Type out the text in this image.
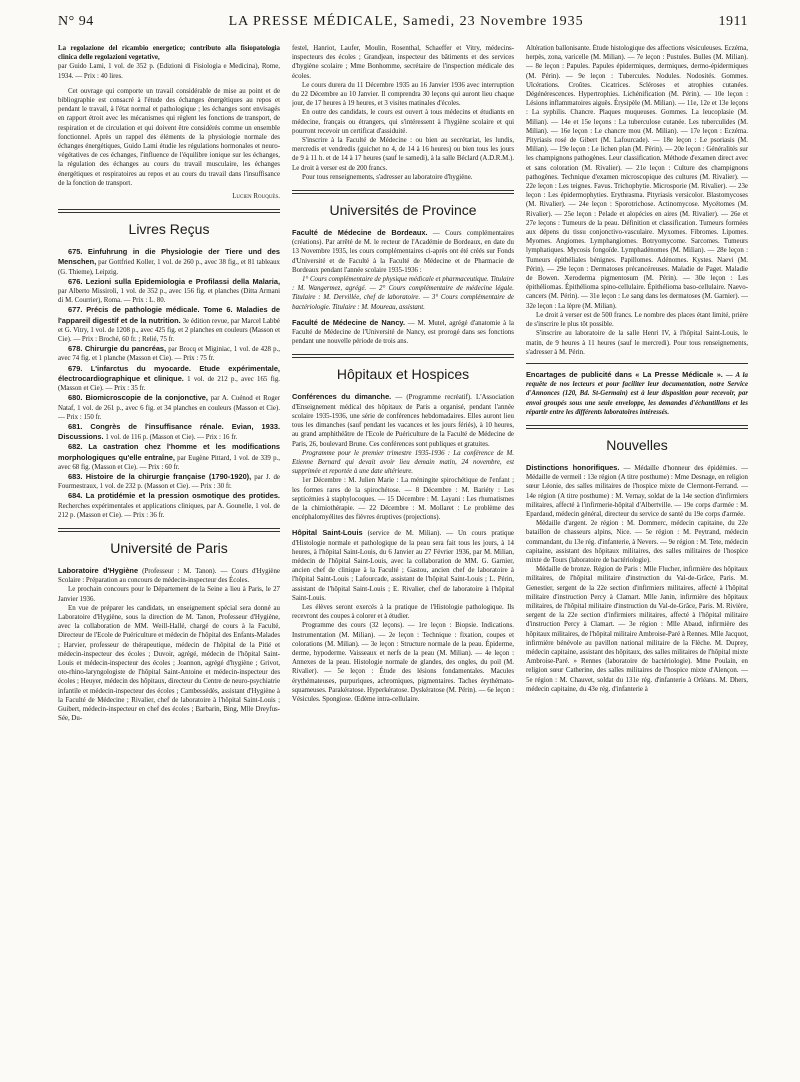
N° 94	LA PRESSE MÉDICALE, Samedi, 23 Novembre 1935	1911

La regolazione del ricambio energetico; contributo alla fisiopatologia clinica delle regolazioni vegetative,

par Guido Lami, 1 vol. de 352 p. (Edizioni di Fisiologia e Medicina), Rome, 1934. — Prix : 40 lires.

Cet ouvrage qui comporte un travail considérable de mise au point et de bibliographie est consacré à l'étude des échanges énergétiques au repos et pendant le travail, à l'état normal et pathologique ; les échanges sont envisagés en rapport étroit avec les mécanismes qui règlent les fonctions de transport, de respiration et de circulation et qui doivent être considérés comme un ensemble fonctionnel. Après un rappel des éléments de la physiologie normale des échanges énergétiques, Guido Lami étudie les régulations hormonales et neuro-végétatives de ces échanges, l'influence de l'équilibre ionique sur les échanges, la régulation des échanges au cours du travail musculaire, les échanges énergétiques et respiratoires au repos et au cours du travail dans l'insuffisance de la fonction de transport.

Lucien Rouquès.

Livres Reçus

675. Einfuhrung in die Physiologie der Tiere und des Menschen, par Gottfried Koller, 1 vol. de 260 p., avec 38 fig., et 81 tableaux (G. Thieme), Leipzig.

676. Lezioni sulla Epidemiologia e Profilassi della Malaria, par Alberto Missiroli, 1 vol. de 352 p., avec 156 fig. et planches (Ditta Armani di M. Courrier), Roma. — Prix : L. 80.

677. Précis de pathologie médicale. Tome 6. Maladies de l'appareil digestif et de la nutrition. 3e édition revue, par Marcel Labbé et G. Vitry, 1 vol. de 1208 p., avec 425 fig. et 2 planches en couleurs (Masson et Cie). — Prix : Broché, 60 fr. ; Relié, 75 fr.

678. Chirurgie du pancréas, par Brocq et Miginiac, 1 vol. de 428 p., avec 74 fig. et 1 planche (Masson et Cie). — Prix : 75 fr.

679. L'infarctus du myocarde. Etude expérimentale, électrocardiographique et clinique. 1 vol. de 212 p., avec 165 fig. (Masson et Cie). — Prix : 35 fr.

680. Biomicroscopie de la conjonctive, par A. Cuénod et Roger Nataf, 1 vol. de 261 p., avec 6 fig. et 34 planches en couleurs (Masson et Cie). — Prix : 150 fr.

681. Congrès de l'insuffisance rénale. Evian, 1933. Discussions. 1 vol. de 116 p. (Masson et Cie). — Prix : 16 fr.

682. La castration chez l'homme et les modifications morphologiques qu'elle entraîne, par Eugène Pittard, 1 vol. de 339 p., avec 68 fig. (Masson et Cie). — Prix : 60 fr.

683. Histoire de la chirurgie française (1790-1920), par J. de Fourmestraux, 1 vol. de 232 p. (Masson et Cie). — Prix : 30 fr.

684. La protidémie et la pression osmotique des protides. Recherches expérimentales et applications cliniques, par A. Gounelle, 1 vol. de 212 p. (Masson et Cie). — Prix : 36 fr.

Université de Paris

Laboratoire d'Hygiène (Professeur : M. Tanon). — Cours d'Hygiène Scolaire : Préparation au concours de médecin-inspecteur des Écoles.

Le prochain concours pour le Département de la Seine a lieu à Paris, le 27 Janvier 1936.

En vue de préparer les candidats, un enseignement spécial sera donné au Laboratoire d'Hygiène, sous la direction de M. Tanon, Professeur d'Hygiène, avec la collaboration de MM. Weill-Hallé, chargé de cours à la Faculté, Directeur de l'Ecole de Puériculture et médecin de l'hôpital des Enfants-Malades ; Harvier, professeur de thérapeutique, médecin de l'hôpital de la Pitié et médecin-inspecteur des écoles ; Duvoir, agrégé, médecin de l'hôpital Saint-Louis et médecin-inspecteur des écoles ; Joannon, agrégé d'hygiène ; Grivot, oto-rhino-laryngologiste de l'hôpital Saint-Antoine et médecin-inspecteur des écoles ; Heuyer, médecin des hôpitaux, directeur du Centre de neuro-psychiatrie infantile et médecin-inspecteur des écoles ; Cambessédès, assistant d'Hygiène à la Faculté de Médecine ; Rivalier, chef de laboratoire à l'hôpital Saint-Louis ; Guibert, médecin-inspecteur en chef des écoles ; Barbarin, Bing, Mlle Dreyfus-Sée, Du-

festel, Hanriot, Laufer, Moulin, Rosenthal, Schaeffer et Vitry, médecins-inspecteurs des écoles ; Grandjean, inspecteur des bâtiments et des services d'hygiène scolaire ; Mme Bonhomme, secrétaire de l'inspection médicale des écoles.

Le cours durera du 11 Décembre 1935 au 16 Janvier 1936 avec interruption du 22 Décembre au 10 Janvier. Il comprendra 30 leçons qui auront lieu chaque jour, de 17 heures à 19 heures, et 3 visites matinales d'écoles.

En outre des candidats, le cours est ouvert à tous médecins et étudiants en médecine, français ou étrangers, qui s'intéressent à l'hygiène scolaire et qui pourront recevoir un certificat d'assiduité.

S'inscrire à la Faculté de Médecine : ou bien au secrétariat, les lundis, mercredis et vendredis (guichet no 4, de 14 à 16 heures) ou bien tous les jours de 9 à 11 h. et de 14 à 17 heures (sauf le samedi), à la salle Béclard (A.D.R.M.). Le droit à verser est de 200 francs.

Pour tous renseignements, s'adresser au laboratoire d'hygiène.

Universités de Province

Faculté de Médecine de Bordeaux. — Cours complémentaires (créations). Par arrêté de M. le recteur de l'Académie de Bordeaux, en date du 13 Novembre 1935, les cours complémentaires ci-après ont été créés sur Fonds d'Université et de Faculté à la Faculté de Médecine et de Pharmacie de Bordeaux pendant l'année scolaire 1935-1936 :

1° Cours complémentaire de physique médicale et pharmaceutique. Titulaire : M. Wangermez, agrégé. — 2° Cours complémentaire de médecine légale. Titulaire : M. Dervillée, chef de laboratoire. — 3° Cours complémentaire de bactériologie. Titulaire : M. Moureau, assistant.

Faculté de Médecine de Nancy. — M. Mutel, agrégé d'anatomie à la Faculté de Médecine de l'Université de Nancy, est prorogé dans ses fonctions pendant une nouvelle période de trois ans.

Hôpitaux et Hospices

Conférences du dimanche. — (Programme recréatif). L'Association d'Enseignement médical des hôpitaux de Paris a organisé, pendant l'année scolaire 1935-1936, une série de conférences hebdomadaires. Elles auront lieu tous les dimanches (sauf pendant les vacances et les jours fériés), à 10 heures, au grand amphithéâtre de l'Ecole de Puériculture de la Faculté de Médecine de Paris, 26, boulevard Brune. Ces conférences sont publiques et gratuites.

Programme pour le premier trimestre 1935-1936 : La conférence de M. Etienne Bernard qui devait avoir lieu demain matin, 24 novembre, est supprimée et reportée à une date ultérieure.

1er Décembre : M. Julien Marie : La méningite spirochétique de l'enfant ; les formes rares de la spirochétose. — 8 Décembre : M. Bariéty : Les septicémies à staphylocoques. — 15 Décembre : M. Layani : Les rhumatismes de la chimiothérapie. — 22 Décembre : M. Mollaret : Le problème des encéphalomyélites des fièvres éruptives (projections).

Hôpital Saint-Louis (service de M. Milian). — Un cours pratique d'Histologie normale et pathologique de la peau sera fait tous les jours, à 14 heures, à l'hôpital Saint-Louis, du 6 Janvier au 27 Février 1936, par M. Milian, médecin de l'hôpital Saint-Louis, avec la collaboration de MM. G. Garnier, ancien chef de clinique à la Faculté ; Gastou, ancien chef de laboratoire à l'hôpital Saint-Louis ; Lafourcade, assistant de l'hôpital Saint-Louis ; L. Périn, assistant de l'hôpital Saint-Louis ; E. Rivalier, chef de laboratoire à l'hôpital Saint-Louis.

Les élèves seront exercés à la pratique de l'Histologie pathologique. Ils recevront des coupes à colorer et à étudier.

Programme des cours (32 leçons). — 1re leçon : Biopsie. Indications. Instrumentation (M. Milian). — 2e leçon : Technique : fixation, coupes et colorations (M. Milian). — 3e leçon : Structure normale de la peau. Épiderme, derme, hypoderme. Vaisseaux et nerfs de la peau (M. Milian). — 4e leçon : Annexes de la peau. Histologie normale de glandes, des ongles, du poil (M. Rivalier). — 5e leçon : Étude des lésions fondamentales. Macules érythémateuses, purpuriques, achromiques, pigmentaires. Taches érythémato-squameuses. Parakératose. Hyperkératose. Dyskératose (M. Périn). — 6e leçon : Vésicules. Spongiose. Œdème intra-cellulaire.

Altération ballonisante. Étude histologique des affections vésiculeuses. Eczéma, herpès, zona, varicelle (M. Milian). — 7e leçon : Pustules. Bulles (M. Milian). — 8e leçon : Papules. Papules épidermiques, dermiques, dermo-épidermiques (M. Périn). — 9e leçon : Tubercules. Nodules. Nodosités. Gommes. Ulcérations. Croûtes. Cicatrices. Scléroses et atrophies cutanées. Dégénérescences. Hypertrophies. Lichénification (M. Périn). — 10e leçon : Lésions inflammatoires aiguës. Érysipèle (M. Milian). — 11e, 12e et 13e leçons : La syphilis. Chancre. Plaques muqueuses. Gommes. La leucoplasie (M. Milian). — 14e et 15e leçons : La tuberculose cutanée. Les tuberculides (M. Milian). — 16e leçon : Le chancre mou (M. Milian). — 17e leçon : Eczéma. Pityriasis rosé de Gibert (M. Lafourcade). — 18e leçon : Le psoriasis (M. Milian). — 19e leçon : Le lichen plan (M. Périn). — 20e leçon : Généralités sur les champignons pathogènes. Leur classification. Méthode d'examen direct avec et sans coloration (M. Rivalier). — 21e leçon : Culture des champignons pathogènes. Technique d'examen microscopique des cultures (M. Rivalier). — 22e leçon : Les teignes. Favus. Trichophytie. Microsporie (M. Rivalier). — 23e leçon : Les épidermophyties. Erythrasma. Pityriasis versicolor. Blastomycoses (M. Rivalier). — 24e leçon : Sporotrichose. Actinomycose. Mycétomes (M. Rivalier). — 25e leçon : Pelade et alopécies en aires (M. Rivalier). — 26e et 27e leçons : Tumeurs de la peau. Définition et classification. Tumeurs formées aux dépens du tissu conjonctivo-vasculaire. Myxomes. Fibromes. Lipomes. Myomes. Angiomes. Lymphangiomes. Botryomycome. Sarcomes. Tumeurs lymphatiques. Mycosis fongoïde. Lymphadénomes (M. Milian). — 28e leçon : Tumeurs épithéliales bénignes. Papillomes. Adénomes. Kystes. Naevi (M. Périn). — 29e leçon : Dermatoses précancéreuses. Maladie de Paget. Maladie de Bowen. Xeroderma pigmentosum (M. Périn). — 30e leçon : Les épithéliomas. Épithélioma spino-cellulaire. Épithélioma baso-cellulaire. Naevo-cancers (M. Périn). — 31e leçon : Le sang dans les dermatoses (M. Garnier). — 32e leçon : La lèpre (M. Milian).

Le droit à verser est de 500 francs. Le nombre des places étant limité, prière de s'inscrire le plus tôt possible.

S'inscrire au laboratoire de la salle Henri IV, à l'hôpital Saint-Louis, le matin, de 9 heures à 11 heures (sauf le mercredi). Pour tous renseignements, s'adresser à M. Périn.

Encartages de publicité dans « La Presse Médicale ». — A la requête de nos lecteurs et pour faciliter leur documentation, notre Service d'Annonces (120, Bd. St-Germain) est à leur disposition pour recevoir, par envoi groupés sous une seule enveloppe, les demandes d'échantillons et les répartir entre les différents laboratoires intéressés.

Nouvelles

Distinctions honorifiques. — Médaille d'honneur des épidémies. — Médaille de vermeil : 13e région (A titre posthume) : Mme Desnage, en religion sœur Léonie, des salles militaires de l'hospice mixte de Clermont-Ferrand. — 14e région (A titre posthume) : M. Vernay, soldat de la 14e section d'infirmiers militaires, affecté à l'infirmerie-hôpital d'Albertville. — 19e corps d'armée : M. Epardaud, médecin général, directeur du service de santé du 19e corps d'armée.

Médaille d'argent. 2e région : M. Dommerc, médecin capitaine, du 22e bataillon de chasseurs alpins, Nice. — 5e région : M. Peytrand, médecin commandant, du 13e rég. d'infanterie, à Nevers. — 9e région : M. Tete, médecin capitaine, assistant des hôpitaux militaires, des salles militaires de l'hospice mixte de Tours (laboratoire de bactériologie).

Médaille de bronze. Région de Paris : Mlle Flucher, infirmière des hôpitaux militaires, de l'hôpital militaire d'instruction du Val-de-Grâce, Paris. M. Genestier, sergent de la 22e section d'infirmiers militaires, affecté à l'hôpital militaire d'instruction Percy à Clamart. Mlle Janin, infirmière des hôpitaux militaires, de l'hôpital militaire d'instruction du Val-de-Grâce, Paris. M. Rivière, sergent de la 22e section d'infirmiers militaires, affecté à l'hôpital militaire d'instruction Percy à Clamart. — 3e région : Mlle Abaud, infirmière des hôpitaux militaires, de l'hôpital militaire Ambroise-Paré à Rennes. Mlle Jacquot, infirmière bénévole au pavillon national militaire de la Flèche. M. Duprey, médecin capitaine, assistant des hôpitaux, des salles militaires de l'hôpital mixte Ambroise-Paré. » Rennes (laboratoire de bactériologie). Mme Poulain, en religion sœur Catherine, des salles militaires de l'hospice mixte d'Alençon. — 5e région : M. Chauvet, soldat du 131e rég. d'infanterie à Orléans. M. Dhers, médecin capitaine, du 43e rég. d'infanterie à
